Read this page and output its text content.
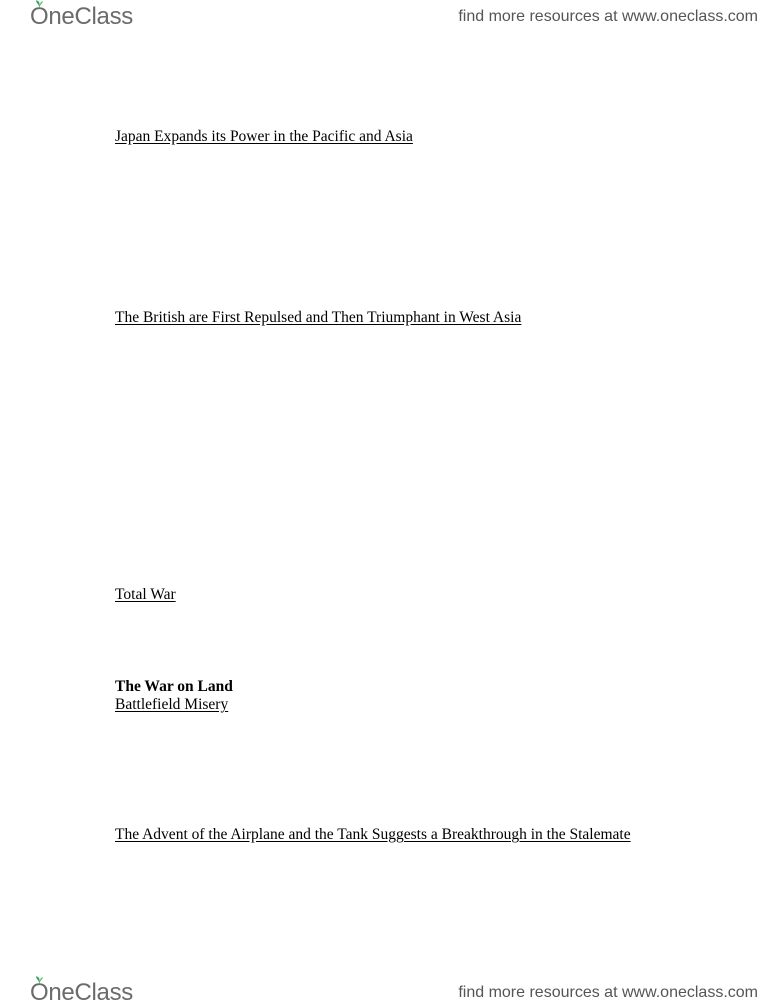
OneClass	find more resources at www.oneclass.com
Japan Expands its Power in the Pacific and Asia
The British are First Repulsed and Then Triumphant in West Asia
Total War
The War on Land
Battlefield Misery
The Advent of the Airplane and the Tank Suggests a Breakthrough in the Stalemate
OneClass	find more resources at www.oneclass.com
